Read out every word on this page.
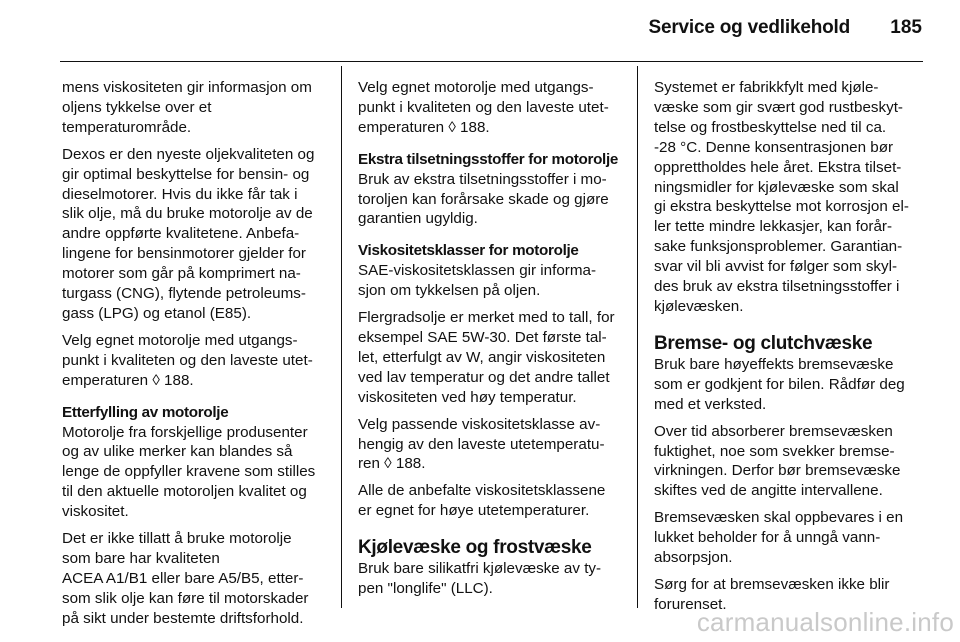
Service og vedlikehold 185

mens viskositeten gir informasjon om
oljens tykkelse over et
temperaturområde.

Dexos er den nyeste oljekvaliteten og
gir optimal beskyttelse for bensin- og
dieselmotorer. Hvis du ikke får tak i
slik olje, må du bruke motorolje av de
andre oppførte kvalitetene. Anbefa-
lingene for bensinmotorer gjelder for
motorer som går på komprimert na-
turgass (CNG), flytende petroleums-
gass (LPG) og etanol (E85).

Velg egnet motorolje med utgangs-
punkt i kvaliteten og den laveste utet-
emperaturen ◊ 188.

Etterfylling av motorolje

Motorolje fra forskjellige produsenter
og av ulike merker kan blandes så
lenge de oppfyller kravene som stilles
til den aktuelle motoroljen kvalitet og
viskositet.

Det er ikke tillatt å bruke motorolje
som bare har kvaliteten
ACEA A1/B1 eller bare A5/B5, etter-
som slik olje kan føre til motorskader
på sikt under bestemte driftsforhold.

Velg egnet motorolje med utgangs-
punkt i kvaliteten og den laveste utet-
emperaturen ◊ 188.

Ekstra tilsetningsstoffer for motorolje

Bruk av ekstra tilsetningsstoffer i mo-
toroljen kan forårsake skade og gjøre
garantien ugyldig.

Viskositetsklasser for motorolje

SAE-viskositetsklassen gir informa-
sjon om tykkelsen på oljen.

Flergradsolje er merket med to tall, for
eksempel SAE 5W-30. Det første tal-
let, etterfulgt av W, angir viskositeten
ved lav temperatur og det andre tallet
viskositeten ved høy temperatur.

Velg passende viskositetsklasse av-
hengig av den laveste utetemperatu-
ren ◊ 188.

Alle de anbefalte viskositetsklassene
er egnet for høye utetemperaturer.

Kjølevæske og frostvæske

Bruk bare silikatfri kjølevæske av ty-
pen "longlife" (LLC).

Systemet er fabrikkfylt med kjøle-
væske som gir svært god rustbeskyt-
telse og frostbeskyttelse ned til ca.
-28 °C. Denne konsentrasjonen bør
opprettholdes hele året. Ekstra tilset-
ningsmidler for kjølevæske som skal
gi ekstra beskyttelse mot korrosjon el-
ler tette mindre lekkasjer, kan forår-
sake funksjonsproblemer. Garantian-
svar vil bli avvist for følger som skyl-
des bruk av ekstra tilsetningsstoffer i
kjølevæsken.

Bremse- og clutchvæske

Bruk bare høyeffekts bremsevæske
som er godkjent for bilen. Rådfør deg
med et verksted.

Over tid absorberer bremsevæsken
fuktighet, noe som svekker bremse-
virkningen. Derfor bør bremsevæske
skiftes ved de angitte intervallene.

Bremsevæsken skal oppbevares i en
lukket beholder for å unngå vann-
absorpsjon.

Sørg for at bremsevæsken ikke blir
forurenset.

carmanualsonline.info
